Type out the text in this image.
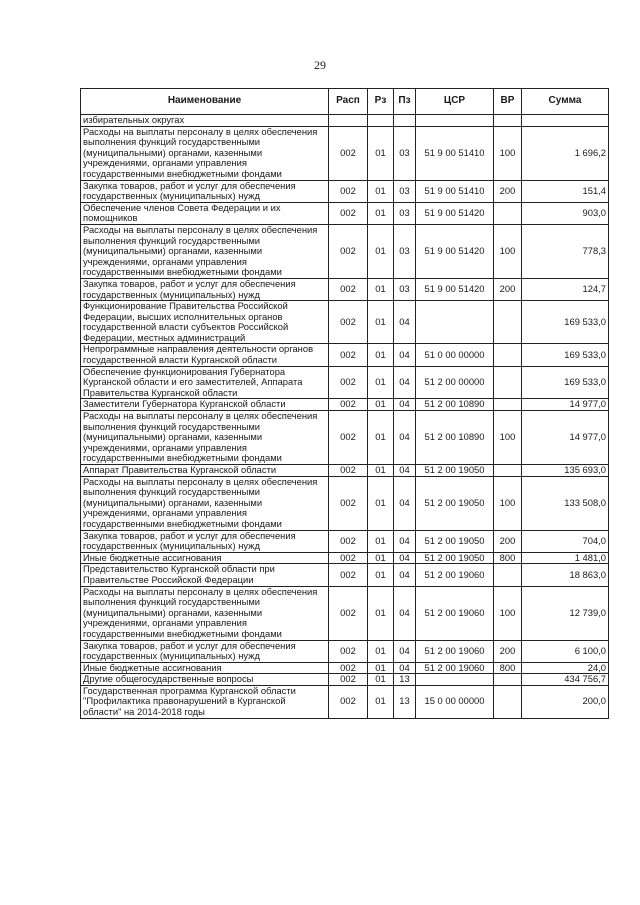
29
Наименование	Расп	Рз	Пз	ЦСР	ВР	Сумма
избирательных округах						
Расходы на выплаты персоналу в целях обеспечения выполнения функций государственными (муниципальными) органами, казенными учреждениями, органами управления государственными внебюджетными фондами	002	01	03	51 9 00 51410	100	1 696,2
Закупка товаров, работ и услуг для обеспечения государственных (муниципальных) нужд	002	01	03	51 9 00 51410	200	151,4
Обеспечение членов Совета Федерации и их помощников	002	01	03	51 9 00 51420		903,0
Расходы на выплаты персоналу в целях обеспечения выполнения функций государственными (муниципальными) органами, казенными учреждениями, органами управления государственными внебюджетными фондами	002	01	03	51 9 00 51420	100	778,3
Закупка товаров, работ и услуг для обеспечения государственных (муниципальных) нужд	002	01	03	51 9 00 51420	200	124,7
Функционирование Правительства Российской Федерации, высших исполнительных органов государственной власти субъектов Российской Федерации, местных администраций	002	01	04			169 533,0
Непрограммные направления деятельности органов государственной власти Курганской области	002	01	04	51 0 00 00000		169 533,0
Обеспечение функционирования Губернатора Курганской области и его заместителей, Аппарата Правительства Курганской области	002	01	04	51 2 00 00000		169 533,0
Заместители Губернатора Курганской области	002	01	04	51 2 00 10890		14 977,0
Расходы на выплаты персоналу в целях обеспечения выполнения функций государственными (муниципальными) органами, казенными учреждениями, органами управления государственными внебюджетными фондами	002	01	04	51 2 00 10890	100	14 977,0
Аппарат Правительства Курганской области	002	01	04	51 2 00 19050		135 693,0
Расходы на выплаты персоналу в целях обеспечения выполнения функций государственными (муниципальными) органами, казенными учреждениями, органами управления государственными внебюджетными фондами	002	01	04	51 2 00 19050	100	133 508,0
Закупка товаров, работ и услуг для обеспечения государственных (муниципальных) нужд	002	01	04	51 2 00 19050	200	704,0
Иные бюджетные ассигнования	002	01	04	51 2 00 19050	800	1 481,0
Представительство Курганской области при Правительстве Российской Федерации	002	01	04	51 2 00 19060		18 863,0
Расходы на выплаты персоналу в целях обеспечения выполнения функций государственными (муниципальными) органами, казенными учреждениями, органами управления государственными внебюджетными фондами	002	01	04	51 2 00 19060	100	12 739,0
Закупка товаров, работ и услуг для обеспечения государственных (муниципальных) нужд	002	01	04	51 2 00 19060	200	6 100,0
Иные бюджетные ассигнования	002	01	04	51 2 00 19060	800	24,0
Другие общегосударственные вопросы	002	01	13			434 756,7
Государственная программа Курганской области "Профилактика правонарушений в Курганской области" на 2014-2018 годы	002	01	13	15 0 00 00000		200,0
